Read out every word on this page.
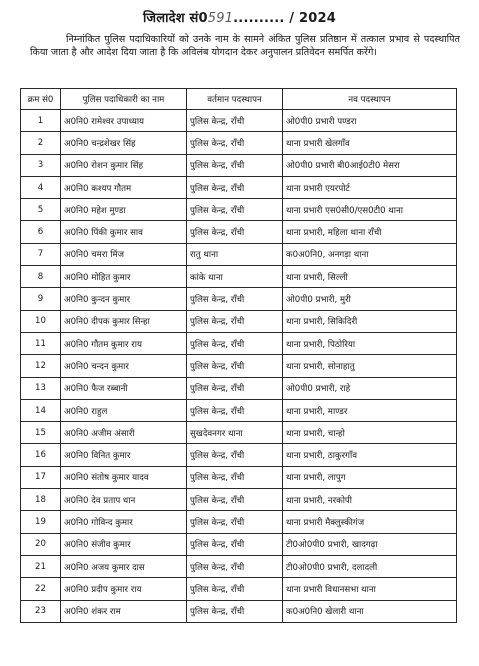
जिलादेश सं0591.......... / 2024
निम्नांकित पुलिस पदाधिकारियों को उनके नाम के सामने अंकित पुलिस प्रतिष्ठान में तत्काल प्रभाव से पदस्थापित किया जाता है और आदेश दिया जाता है कि अविलंब योगदान देकर अनुपालन प्रतिवेदन समर्पित करेंगे।
क्रम सं0	पुलिस पदाधिकारी का नाम	वर्तमान पदस्थापन	नव पदस्थापन
1	अ0नि0 रामेश्वर उपाध्याय	पुलिस केन्द्र, राँची	ओ0पी0 प्रभारी पण्डरा
2	अ0नि0 चन्द्रशेखर सिंह	पुलिस केन्द्र, राँची	थाना प्रभारी खेलगाँव
3	अ0नि0 रोशन कुमार सिंह	पुलिस केन्द्र, राँची	ओ0पी0 प्रभारी बी0आई0टी0 मेसरा
4	अ0नि0 कश्यप गौतम	पुलिस केन्द्र, राँची	थाना प्रभारी एयरपोर्ट
5	अ0नि0 महेश मुण्डा	पुलिस केन्द्र, राँची	थाना प्रभारी एस0सी0/एस0टी0 थाना
6	अ0नि0 पिंकी कुमार साव	पुलिस केन्द्र, राँची	थाना प्रभारी, महिला थाना राँची
7	अ0नि0 चमरा मिंज	रातु थाना	क0अ0नि0, अनगड़ा थाना
8	अ0नि0 मोहित कुमार	कांके थाना	थाना प्रभारी, सिल्ली
9	अ0नि0 कुन्दन कुमार	पुलिस केन्द्र, राँची	ओ0पी0 प्रभारी, मुरी
10	अ0नि0 दीपक कुमार सिन्हा	पुलिस केन्द्र, राँची	थाना प्रभारी, सिकिदिरी
11	अ0नि0 गौतम कुमार राय	पुलिस केन्द्र, राँची	थाना प्रभारी, पिठोरिया
12	अ0नि0 चन्दन कुमार	पुलिस केन्द्र, राँची	थाना प्रभारी, सोनाहातु
13	अ0नि0 फैज रब्बानी	पुलिस केन्द्र, राँची	ओ0पी0 प्रभारी, राहे
14	अ0नि0 राहुल	पुलिस केन्द्र, राँची	थाना प्रभारी, माण्डर
15	अ0नि0 अजीम अंसारी	सुखदेवनगर थाना	थाना प्रभारी, चान्हो
16	अ0नि0 विनित कुमार	पुलिस केन्द्र, राँची	थाना प्रभारी, ठाकुरगाँव
17	अ0नि0 संतोष कुमार यादव	पुलिस केन्द्र, राँची	थाना प्रभारी, लापुग
18	अ0नि0 देव प्रताप धान	पुलिस केन्द्र, राँची	थाना प्रभारी, नरकोपी
19	अ0नि0 गोविन्द कुमार	पुलिस केन्द्र, राँची	थाना प्रभारी मैक्लुस्कीगंज
20	अ0नि0 संजीव कुमार	पुलिस केन्द्र, राँची	टी0ओ0पी0 प्रभारी, खादगढ़ा
21	अ0नि0 अजय कुमार दास	पुलिस केन्द्र, राँची	टी0ओ0पी0 प्रभारी, दलादली
22	अ0नि0 प्रदीप कुमार राय	पुलिस केन्द्र, राँची	थाना प्रभारी विधानसभा थाना
23	अ0नि0 शंकर राम	पुलिस केन्द्र, राँची	क0अ0नि0 खेलारी थाना
